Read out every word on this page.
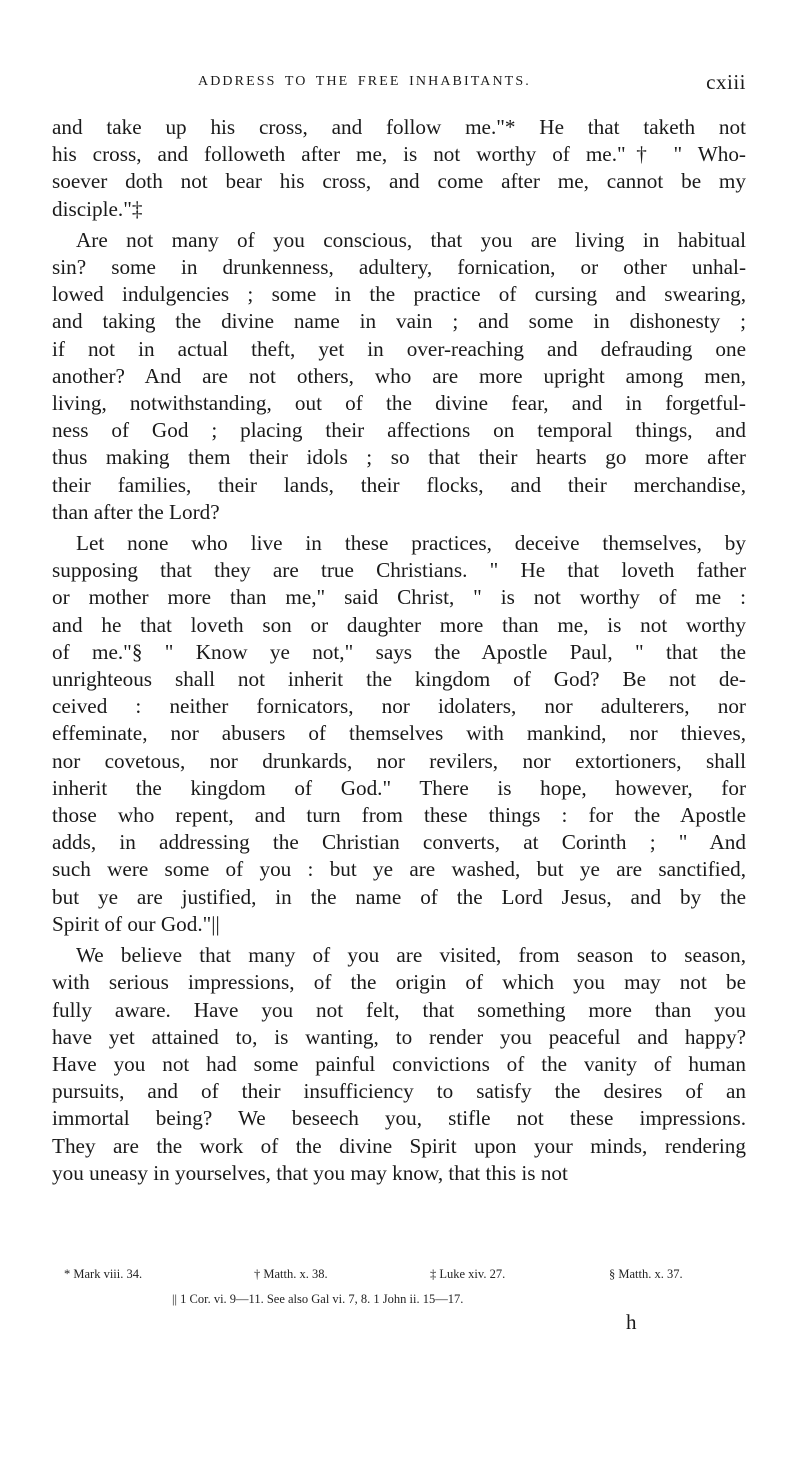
ADDRESS TO THE FREE INHABITANTS.	cxiii
and take up his cross, and follow me."* He that taketh not
his cross, and followeth after me, is not worthy of me."† " Who-
soever doth not bear his cross, and come after me, cannot be my
disciple."‡
Are not many of you conscious, that you are living in habitual
sin? some in drunkenness, adultery, fornication, or other unhal-
lowed indulgencies ; some in the practice of cursing and swearing,
and taking the divine name in vain ; and some in dishonesty ;
if not in actual theft, yet in over-reaching and defrauding one
another? And are not others, who are more upright among men,
living, notwithstanding, out of the divine fear, and in forgetful-
ness of God ; placing their affections on temporal things, and
thus making them their idols ; so that their hearts go more after
their families, their lands, their flocks, and their merchandise,
than after the Lord?
Let none who live in these practices, deceive themselves, by
supposing that they are true Christians. " He that loveth father
or mother more than me," said Christ, " is not worthy of me :
and he that loveth son or daughter more than me, is not worthy
of me."§ " Know ye not," says the Apostle Paul, " that the
unrighteous shall not inherit the kingdom of God? Be not de-
ceived : neither fornicators, nor idolaters, nor adulterers, nor
effeminate, nor abusers of themselves with mankind, nor thieves,
nor covetous, nor drunkards, nor revilers, nor extortioners, shall
inherit the kingdom of God." There is hope, however, for
those who repent, and turn from these things : for the Apostle
adds, in addressing the Christian converts, at Corinth ; " And
such were some of you : but ye are washed, but ye are sanctified,
but ye are justified, in the name of the Lord Jesus, and by the
Spirit of our God."||
We believe that many of you are visited, from season to season,
with serious impressions, of the origin of which you may not be
fully aware. Have you not felt, that something more than you
have yet attained to, is wanting, to render you peaceful and happy?
Have you not had some painful convictions of the vanity of human
pursuits, and of their insufficiency to satisfy the desires of an
immortal being? We beseech you, stifle not these impressions.
They are the work of the divine Spirit upon your minds, rendering
you uneasy in yourselves, that you may know, that this is not
* Mark viii. 34.	† Matth. x. 38.	‡ Luke xiv. 27.	§ Matth. x. 37.
|| 1 Cor. vi. 9—11. See also Gal vi. 7, 8. 1 John ii. 15—17.
h
